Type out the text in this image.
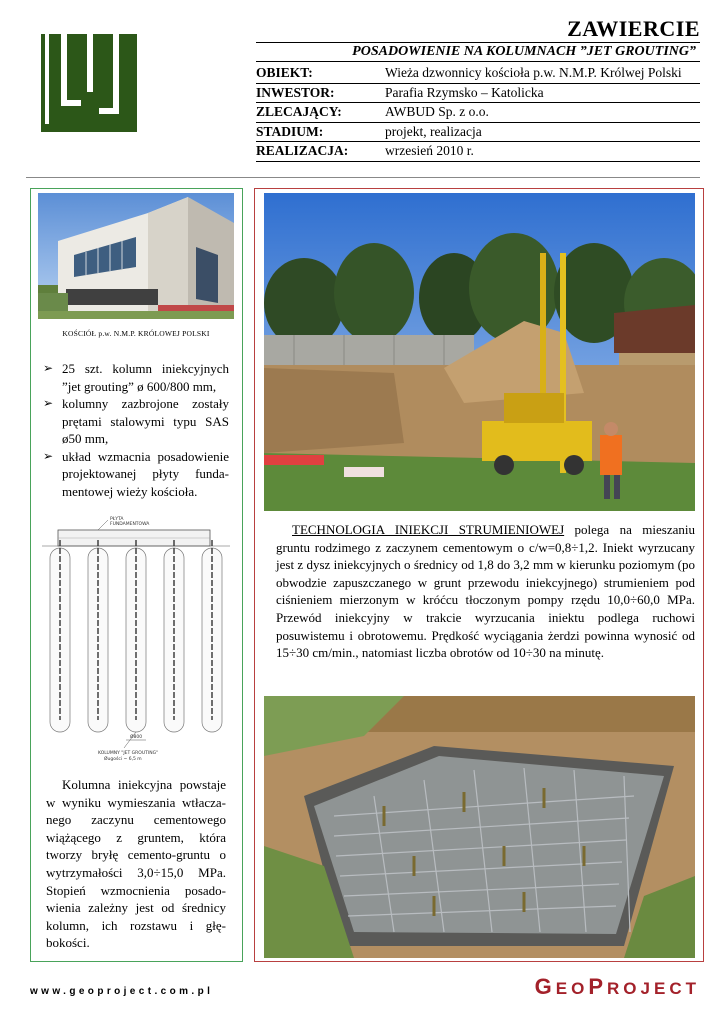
ZAWIERCIE
POSADOWIENIE NA KOLUMNACH ”JET GROUTING”
OBIEKT:	Wieża dzwonnicy kościoła p.w. N.M.P. Królwej Polski
INWESTOR:	Parafia Rzymsko – Katolicka
ZLECAJĄCY:	AWBUD Sp. z o.o.
STADIUM:	projekt, realizacja
REALIZACJA:	wrzesień 2010 r.
KOŚCIÓŁ p.w. N.M.P. KRÓLOWEJ POLSKI
➢ 25 szt. kolumn iniekcyjnych ”jet grouting” ø 600/800 mm,
➢ kolumny zazbrojone zostały prętami stalowymi typu SAS ø50 mm,
➢ układ wzmacnia posadowienie projektowanej płyty funda-mentowej wieży kościoła.
PŁYTA FUNDAMENTOWA
Ø800
KOLUMNY "JET GROUTING"
Øugości ~ 6,5 m
Kolumna iniekcyjna powstaje w wyniku wymieszania wtłacza-nego zaczynu cementowego wiążącego z gruntem, która tworzy bryłę cemento-gruntu o wytrzymałości 3,0÷15,0 MPa. Stopień wzmocnienia posado-wienia zależny jest od średnicy kolumn, ich rozstawu i głę-bokości.
TECHNOLOGIA INIEKCJI STRUMIENIOWEJ polega na mieszaniu gruntu rodzimego z zaczynem cementowym o c/w=0,8÷1,2. Iniekt wyrzucany jest z dysz iniekcyjnych o średnicy od 1,8 do 3,2 mm w kierunku poziomym (po obwodzie zapuszczanego w grunt przewodu iniekcyjnego) strumieniem pod ciśnieniem mierzonym w króćcu tłoczonym pompy rzędu 10,0÷60,0 MPa. Przewód iniekcyjny w trakcie wyrzucania iniektu podlega ruchowi posuwistemu i obrotowemu. Prędkość wyciągania żerdzi powinna wynosić od 15÷30 cm/min., natomiast liczba obrotów od 10÷30 na minutę.
www.geoproject.com.pl	GEOPROJECT
